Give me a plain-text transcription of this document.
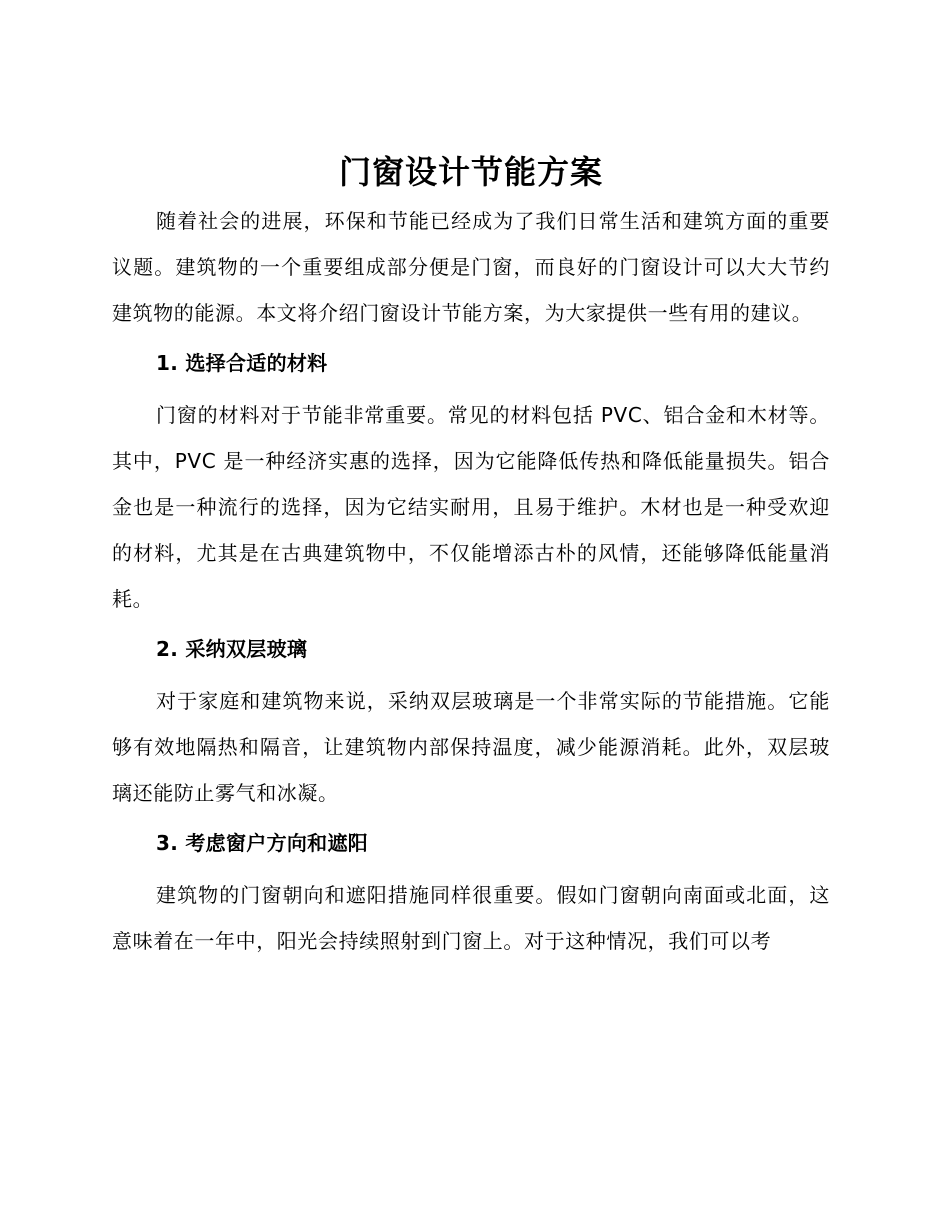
门窗设计节能方案

随着社会的进展，环保和节能已经成为了我们日常生活和建筑方面的重要议题。建筑物的一个重要组成部分便是门窗，而良好的门窗设计可以大大节约建筑物的能源。本文将介绍门窗设计节能方案，为大家提供一些有用的建议。

1. 选择合适的材料

门窗的材料对于节能非常重要。常见的材料包括 PVC、铝合金和木材等。其中，PVC 是一种经济实惠的选择，因为它能降低传热和降低能量损失。铝合金也是一种流行的选择，因为它结实耐用，且易于维护。木材也是一种受欢迎的材料，尤其是在古典建筑物中，不仅能增添古朴的风情，还能够降低能量消耗。

2. 采纳双层玻璃

对于家庭和建筑物来说，采纳双层玻璃是一个非常实际的节能措施。它能够有效地隔热和隔音，让建筑物内部保持温度，减少能源消耗。此外，双层玻璃还能防止雾气和冰凝。

3. 考虑窗户方向和遮阳

建筑物的门窗朝向和遮阳措施同样很重要。假如门窗朝向南面或北面，这意味着在一年中，阳光会持续照射到门窗上。对于这种情况，我们可以考
